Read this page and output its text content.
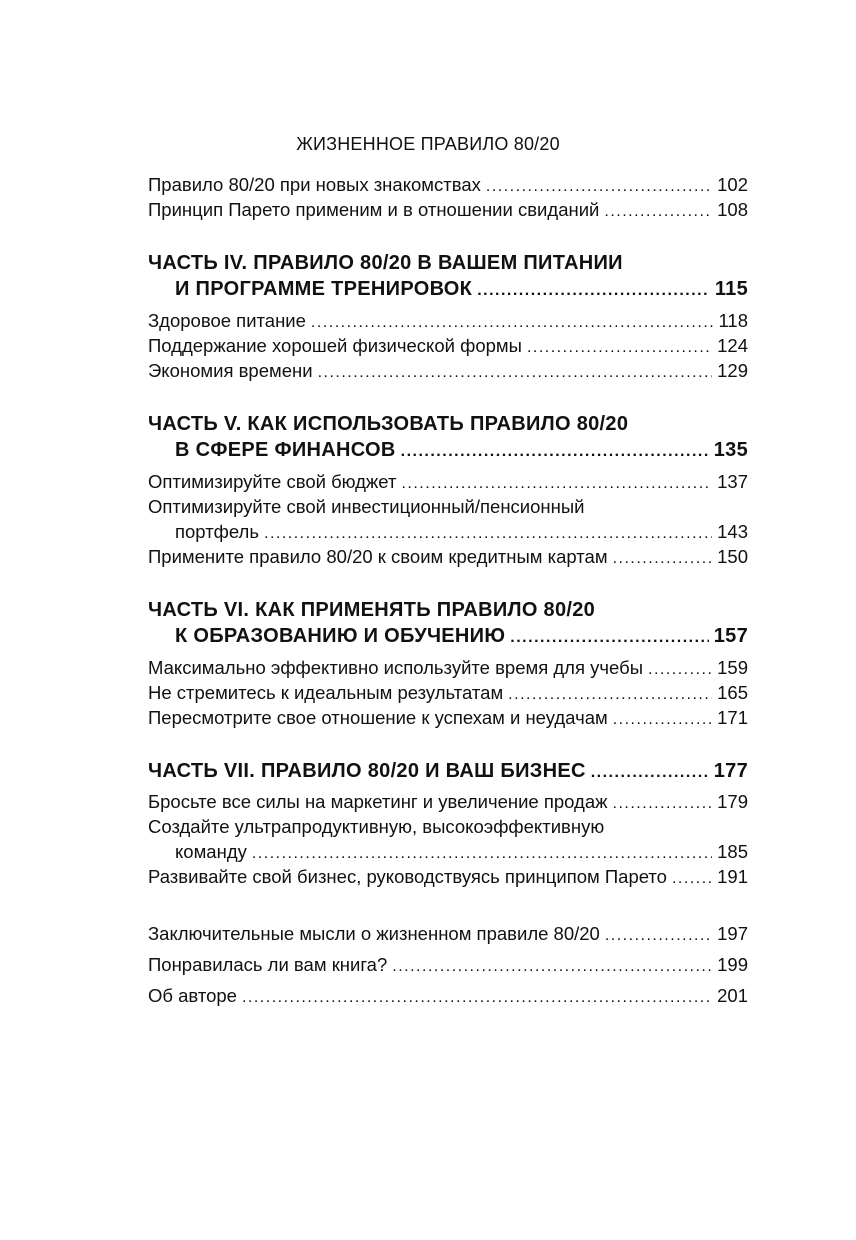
ЖИЗНЕННОЕ ПРАВИЛО 80/20
Правило 80/20 при новых знакомствах .....	102
Принцип Парето применим и в отношении свиданий .....	108
ЧАСТЬ IV. ПРАВИЛО 80/20 В ВАШЕМ ПИТАНИИ
И ПРОГРАММЕ ТРЕНИРОВОК .....	115
Здоровое питание .....	118
Поддержание хорошей физической формы .....	124
Экономия времени .....	129
ЧАСТЬ V. КАК ИСПОЛЬЗОВАТЬ ПРАВИЛО 80/20
В СФЕРЕ ФИНАНСОВ .....	135
Оптимизируйте свой бюджет .....	137
Оптимизируйте свой инвестиционный/пенсионный
портфель .....	143
Примените правило 80/20 к своим кредитным картам .....	150
ЧАСТЬ VI. КАК ПРИМЕНЯТЬ ПРАВИЛО 80/20
К ОБРАЗОВАНИЮ И ОБУЧЕНИЮ .....	157
Максимально эффективно используйте время для учебы .....	159
Не стремитесь к идеальным результатам .....	165
Пересмотрите свое отношение к успехам и неудачам .....	171
ЧАСТЬ VII. ПРАВИЛО 80/20 И ВАШ БИЗНЕС .....	177
Бросьте все силы на маркетинг и увеличение продаж .....	179
Создайте ультрапродуктивную, высокоэффективную
команду .....	185
Развивайте свой бизнес, руководствуясь принципом Парето .....	191
Заключительные мысли о жизненном правиле 80/20 .....	197
Понравилась ли вам книга? .....	199
Об авторе .....	201
